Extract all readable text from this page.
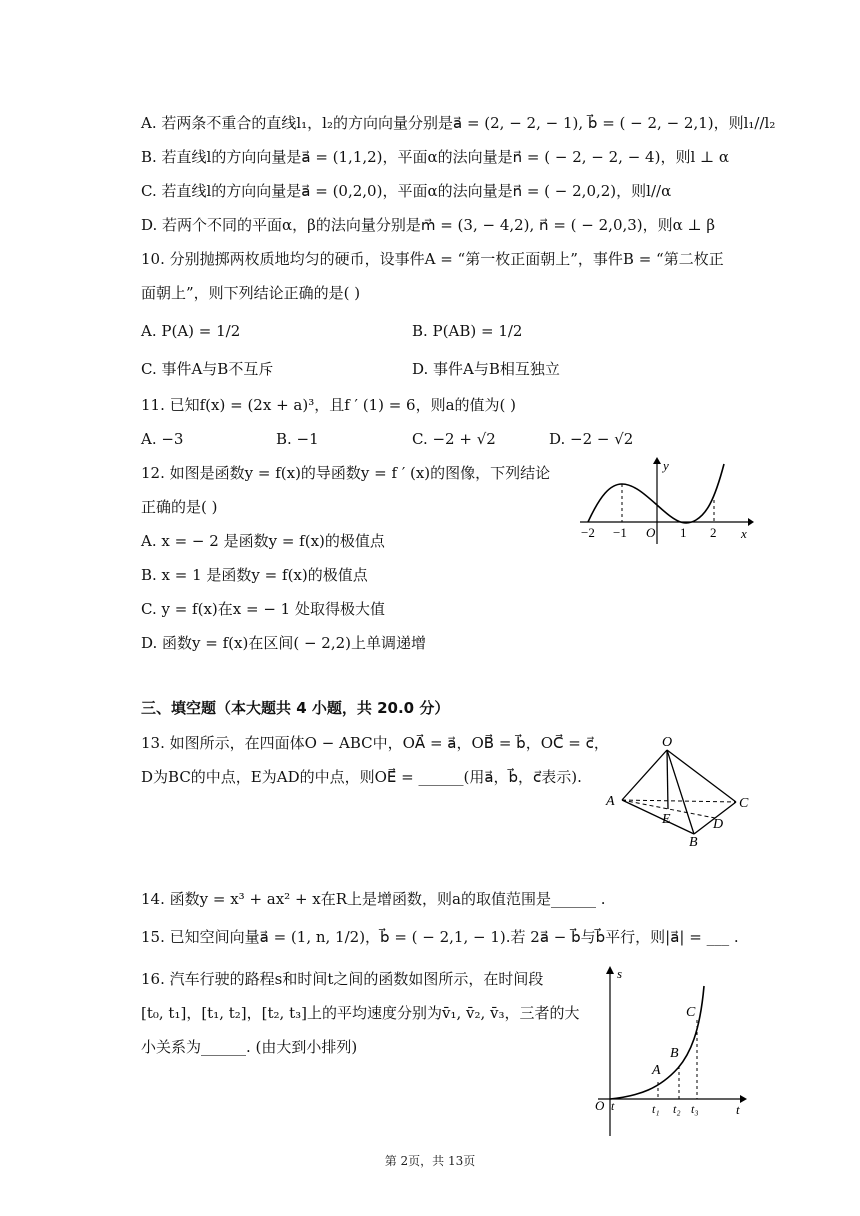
A. 若两条不重合的直线l₁，l₂的方向向量分别是a⃗ = (2, − 2, − 1), b⃗ = ( − 2, − 2,1)，则l₁//l₂
B. 若直线l的方向向量是a⃗ = (1,1,2)，平面α的法向量是n⃗ = ( − 2, − 2, − 4)，则l ⊥ α
C. 若直线l的方向向量是a⃗ = (0,2,0)，平面α的法向量是n⃗ = ( − 2,0,2)，则l//α
D. 若两个不同的平面α，β的法向量分别是m⃗ = (3, − 4,2), n⃗ = ( − 2,0,3)，则α ⊥ β
10. 分别抛掷两枚质地均匀的硬币，设事件A = “第一枚正面朝上”，事件B = “第二枚正
面朝上”，则下列结论正确的是( )
A. P(A) = 1/2	B. P(AB) = 1/2
C. 事件A与B不互斥	D. 事件A与B相互独立
11. 已知f(x) = (2x + a)³，且f ′ (1) = 6，则a的值为( )
A. −3	B. −1	C. −2 + √2	D. −2 − √2
12. 如图是函数y = f(x)的导函数y = f ′ (x)的图像，下列结论
正确的是( )
A. x = − 2 是函数y = f(x)的极值点
B. x = 1 是函数y = f(x)的极值点
C. y = f(x)在x = − 1 处取得极大值
D. 函数y = f(x)在区间( − 2,2)上单调递增
y
x
−2 −1 O 1 2
三、填空题（本大题共 4 小题，共 20.0 分）
13. 如图所示，在四面体O − ABC中，OA⃗ = a⃗，OB⃗ = b⃗，OC⃗ = c⃗，
D为BC的中点，E为AD的中点，则OE⃗ = ______(用a⃗，b⃗，c⃗表示).
O
A	C
E	D
B
14. 函数y = x³ + ax² + x在R上是增函数，则a的取值范围是______ .
15. 已知空间向量a⃗ = (1, n, 1/2)，b⃗ = ( − 2,1, − 1).若 2a⃗ − b⃗与b⃗平行，则|a⃗| = ___ .
16. 汽车行驶的路程s和时间t之间的函数如图所示，在时间段
[t₀, t₁]，[t₁, t₂]，[t₂, t₃]上的平均速度分别为v̄₁, v̄₂, v̄₃，三者的大
小关系为______. (由大到小排列)
s
t
A
B
C
O t	t₁ t₂ t₃
第 2页，共 13页
